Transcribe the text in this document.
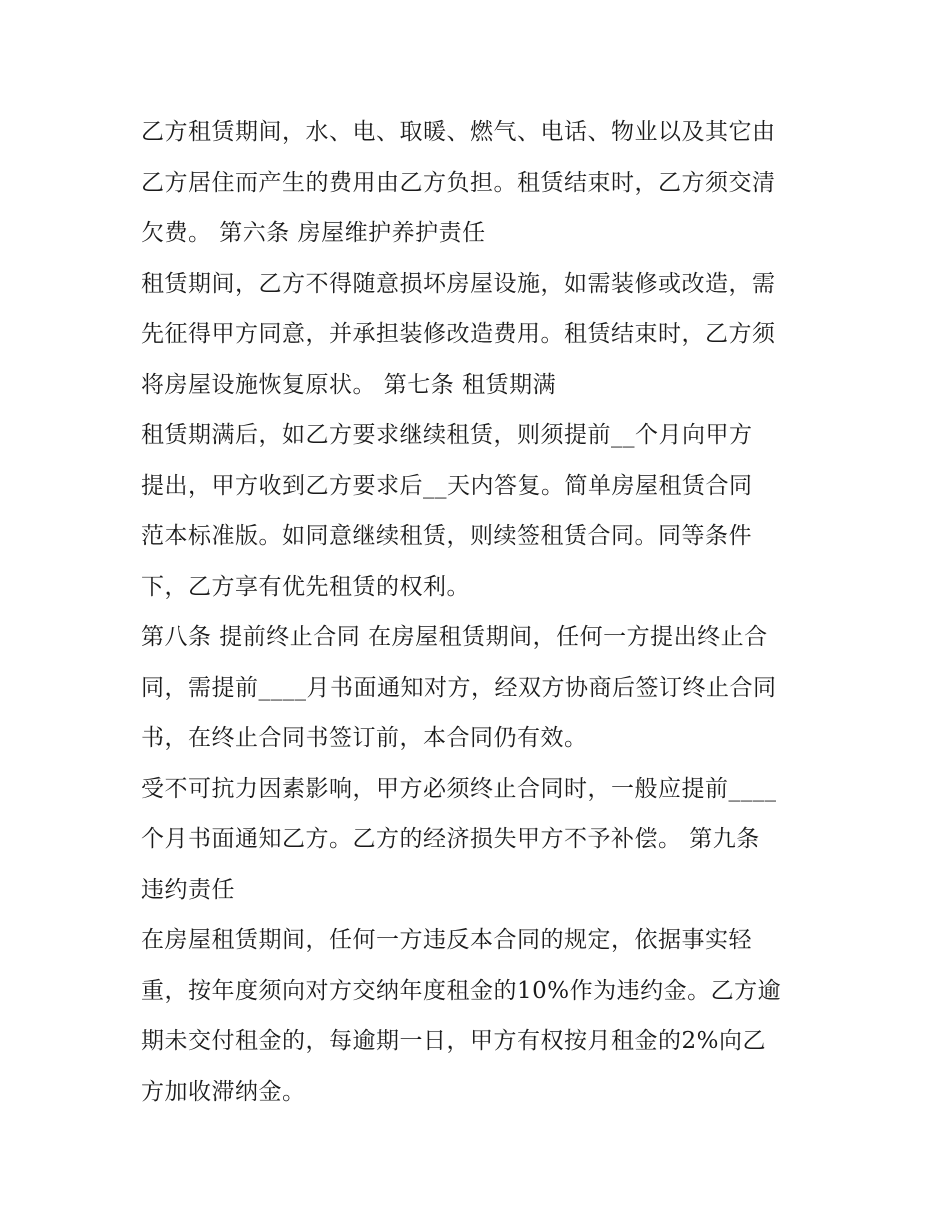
乙方租赁期间，水、电、取暖、燃气、电话、物业以及其它由
乙方居住而产生的费用由乙方负担。租赁结束时，乙方须交清
欠费。 第六条 房屋维护养护责任

租赁期间，乙方不得随意损坏房屋设施，如需装修或改造，需
先征得甲方同意，并承担装修改造费用。租赁结束时，乙方须
将房屋设施恢复原状。 第七条 租赁期满

租赁期满后，如乙方要求继续租赁，则须提前__个月向甲方
提出，甲方收到乙方要求后__天内答复。简单房屋租赁合同
范本标准版。如同意继续租赁，则续签租赁合同。同等条件
下，乙方享有优先租赁的权利。

第八条 提前终止合同 在房屋租赁期间，任何一方提出终止合
同，需提前____月书面通知对方，经双方协商后签订终止合同
书，在终止合同书签订前，本合同仍有效。

受不可抗力因素影响，甲方必须终止合同时，一般应提前____
个月书面通知乙方。乙方的经济损失甲方不予补偿。 第九条
违约责任

在房屋租赁期间，任何一方违反本合同的规定，依据事实轻
重，按年度须向对方交纳年度租金的10%作为违约金。乙方逾
期未交付租金的，每逾期一日，甲方有权按月租金的2%向乙
方加收滞纳金。
